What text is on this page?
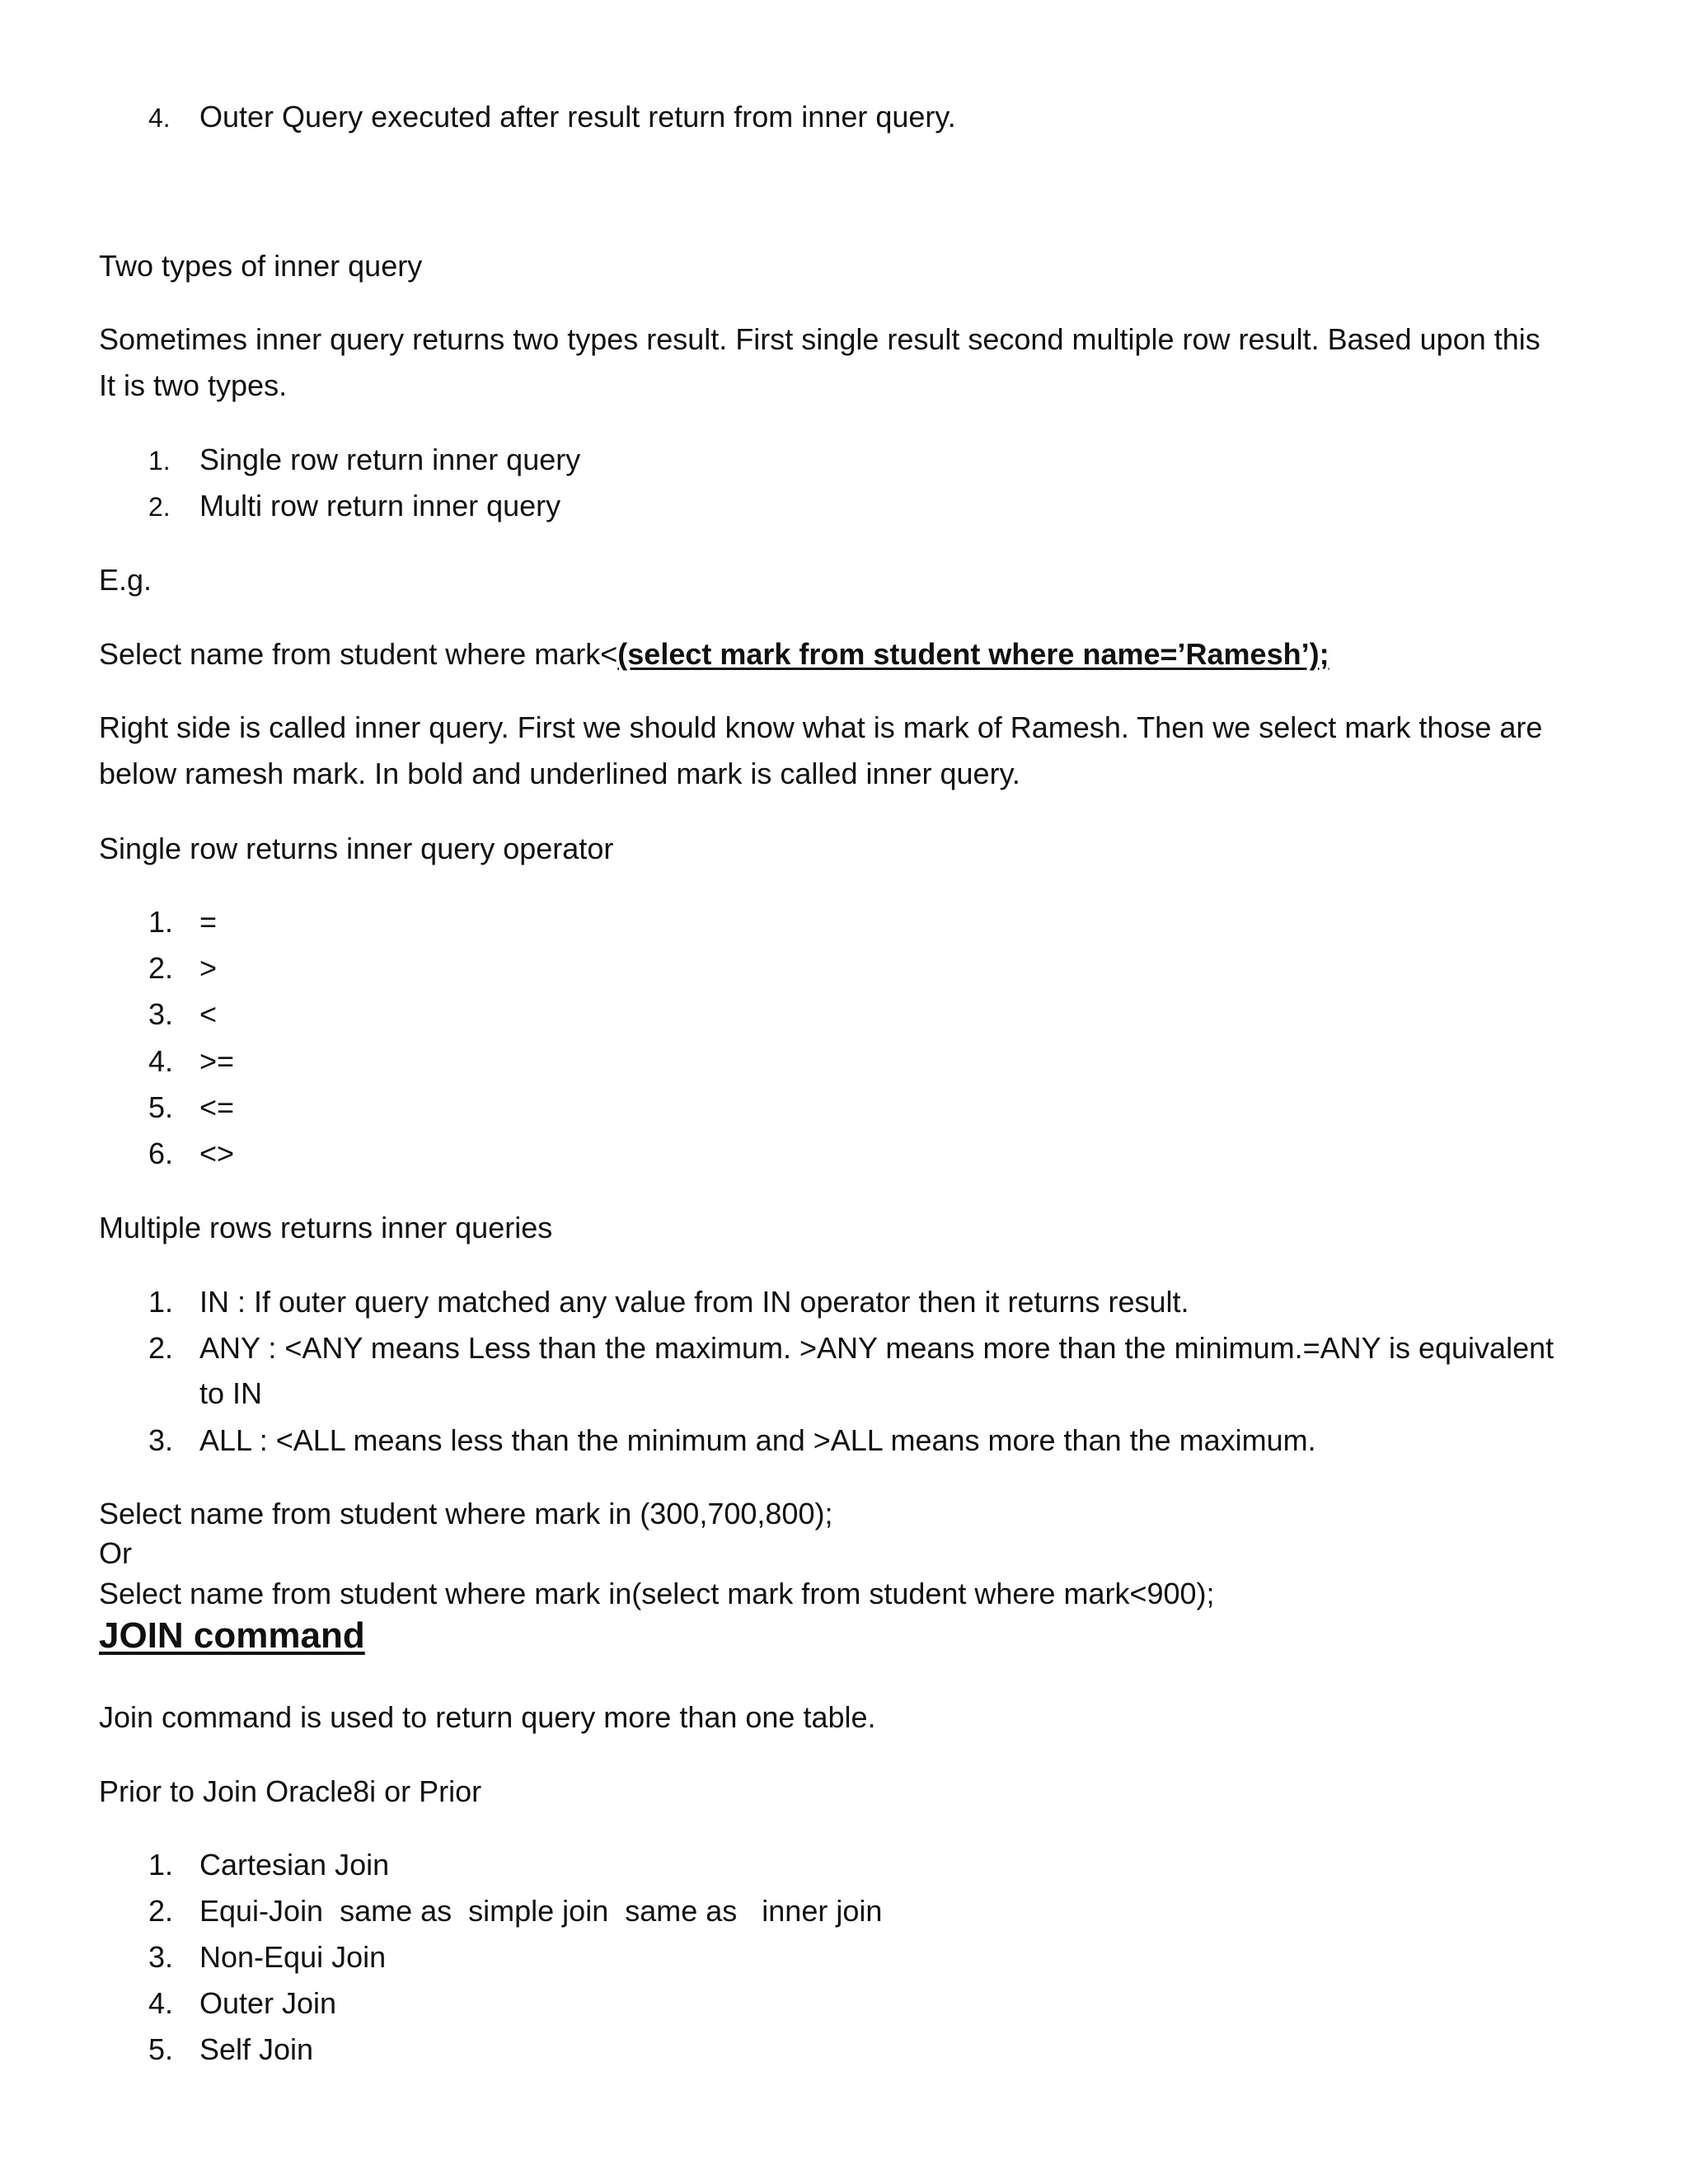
4. Outer Query executed after result return from inner query.
Two types of inner query
Sometimes inner query returns two types result. First single result second multiple row result. Based upon this
It is two types.
1. Single row return inner query
2. Multi row return inner query
E.g.
Select name from student where mark<(select mark from student where name=’Ramesh’);
Right side is called inner query. First we should know what is mark of Ramesh. Then we select mark those are
below ramesh mark. In bold and underlined mark is called inner query.
Single row returns inner query operator
1. =
2. >
3. <
4. >=
5. <=
6. <>
Multiple rows returns inner queries
1. IN : If outer query matched any value from IN operator then it returns result.
2. ANY : <ANY means Less than the maximum. >ANY means more than the minimum.=ANY is equivalent
to IN
3. ALL : <ALL means less than the minimum and >ALL means more than the maximum.
Select name from student where mark in (300,700,800);
Or
Select name from student where mark in(select mark from student where mark<900);
JOIN command
Join command is used to return query more than one table.
Prior to Join Oracle8i or Prior
1. Cartesian Join
2. Equi-Join  same as  simple join  same as   inner join
3. Non-Equi Join
4. Outer Join
5. Self Join
